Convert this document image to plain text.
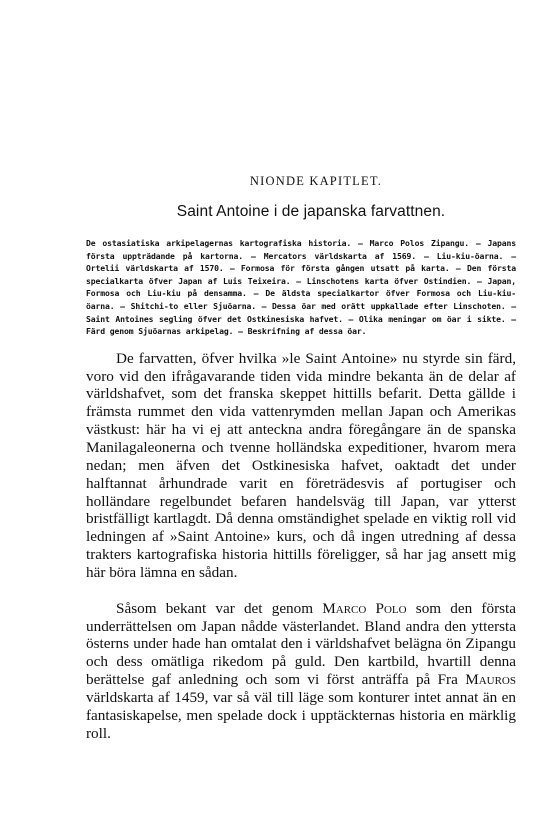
NIONDE KAPITLET.
Saint Antoine i de japanska farvattnen.

De ostasiatiska arkipelagernas kartografiska historia. — Marco Polos Zipangu. — Japans första uppträdande på kartorna. — Mercators världskarta af 1569. — Liu-kiu-öarna. — Ortelii världskarta af 1570. — Formosa för första gången utsatt på karta. — Den första specialkarta öfver Japan af Luis Teixeira. — Linschotens karta öfver Ostindien. — Japan, Formosa och Liu-kiu på densamma. — De äldsta specialkartor öfver Formosa och Liu-kiu-öarna. — Shitchi-to eller Sjuöarna. — Dessa öar med orätt uppkallade efter Linschoten. — Saint Antoines segling öfver det Ostkinesiska hafvet. — Olika meningar om öar i sikte. — Färd genom Sjuöarnas arkipelag. — Beskrifning af dessa öar.

De farvatten, öfver hvilka »le Saint Antoine» nu styrde sin färd, voro vid den ifrågavarande tiden vida mindre bekanta än de delar af världshafvet, som det franska skeppet hittills befarit. Detta gällde i främsta rummet den vida vattenrymden mellan Japan och Amerikas västkust: här ha vi ej att anteckna andra föregångare än de spanska Manilagaleonerna och tvenne holländska expeditioner, hvarom mera nedan; men äfven det Ostkinesiska hafvet, oaktadt det under halftannat århundrade varit en företrädesvis af portugiser och holländare regelbundet befaren handelsväg till Japan, var ytterst bristfälligt kartlagdt. Då denna omständighet spelade en viktig roll vid ledningen af »Saint Antoine» kurs, och då ingen utredning af dessa trakters kartografiska historia hittills föreligger, så har jag ansett mig här böra lämna en sådan.

Såsom bekant var det genom Marco Polo som den första underrättelsen om Japan nådde västerlandet. Bland andra den yttersta österns under hade han omtalat den i världshafvet belägna ön Zipangu och dess omätliga rikedom på guld. Den kartbild, hvartill denna berättelse gaf anledning och som vi först anträffa på Fra Mauros världskarta af 1459, var så väl till läge som konturer intet annat än en fantasiskapelse, men spelade dock i upptäckternas historia en märklig roll.
